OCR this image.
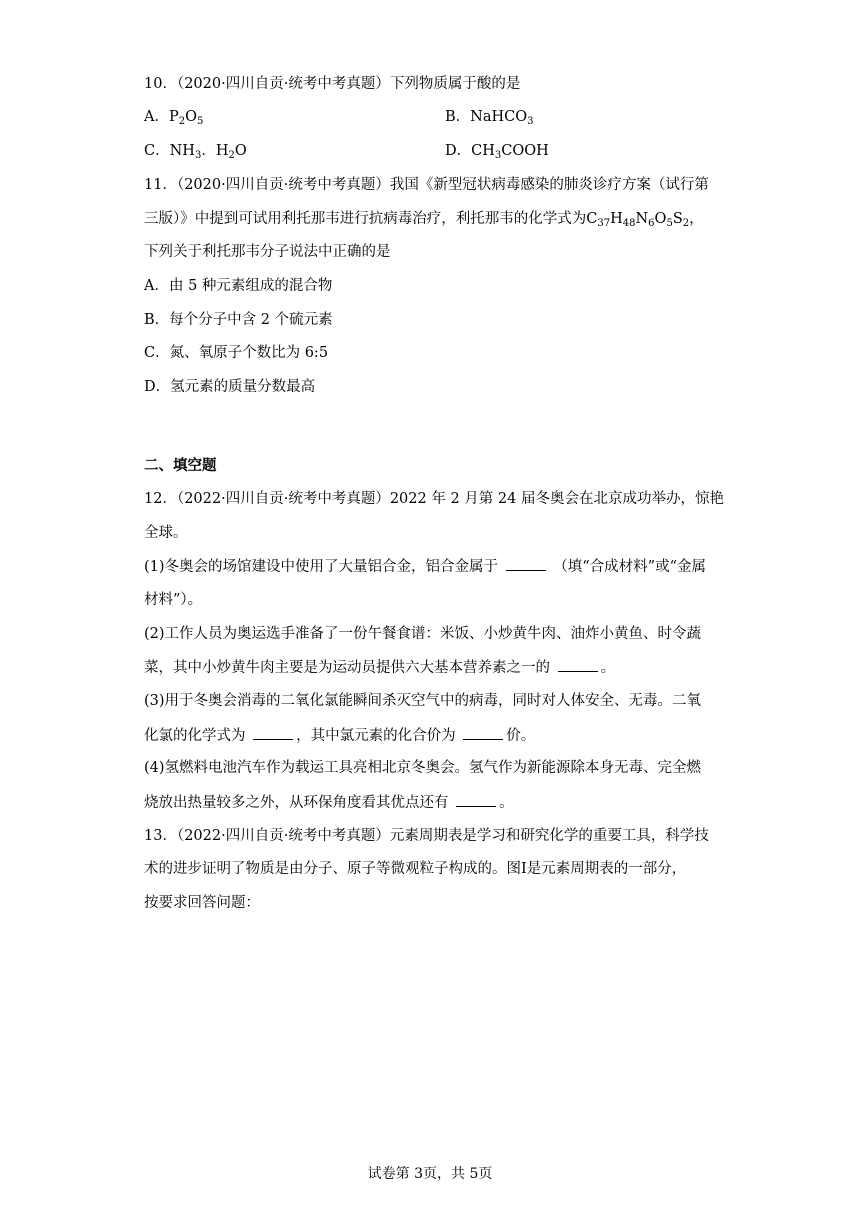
10．（2020·四川自贡·统考中考真题）下列物质属于酸的是
A．$P_2O_5$	B．NaHCO$_3$
C．$NH_3$．$H_2O$	D．$CH_3COOH$
11．（2020·四川自贡·统考中考真题）我国《新型冠状病毒感染的肺炎诊疗方案（试行第
三版）》中提到可试用利托那韦进行抗病毒治疗，利托那韦的化学式为$C_{37}H_{48}N_6O_5S_2$，
下列关于利托那韦分子说法中正确的是
A．由 5 种元素组成的混合物
B．每个分子中含 2 个硫元素
C．氮、氧原子个数比为 6:5
D．氢元素的质量分数最高
二、填空题
12．（2022·四川自贡·统考中考真题）2022 年 2 月第 24 届冬奥会在北京成功举办，惊艳
全球。
(1)冬奥会的场馆建设中使用了大量铝合金，铝合金属于	（填“合成材料”或“金属
材料”）。
(2)工作人员为奥运选手准备了一份午餐食谱：米饭、小炒黄牛肉、油炸小黄鱼、时令蔬
菜，其中小炒黄牛肉主要是为运动员提供六大基本营养素之一的	。
(3)用于冬奥会消毒的二氧化氯能瞬间杀灭空气中的病毒，同时对人体安全、无毒。二氧
化氯的化学式为	，其中氯元素的化合价为	价。
(4)氢燃料电池汽车作为载运工具亮相北京冬奥会。氢气作为新能源除本身无毒、完全燃
烧放出热量较多之外，从环保角度看其优点还有	。
13．（2022·四川自贡·统考中考真题）元素周期表是学习和研究化学的重要工具，科学技
术的进步证明了物质是由分子、原子等微观粒子构成的。图I是元素周期表的一部分，
按要求回答问题：
试卷第 3页，共 5页
